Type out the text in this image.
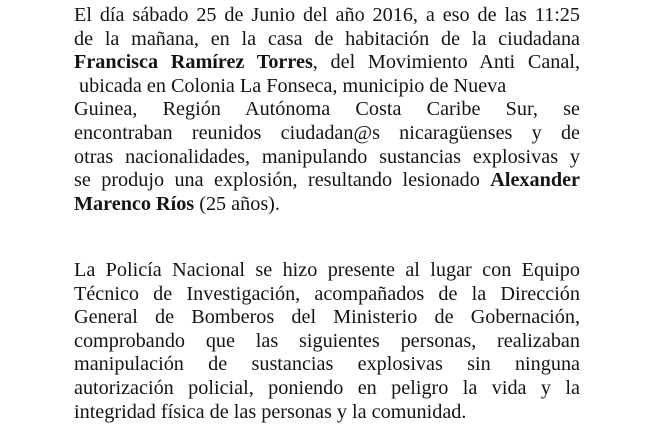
El día sábado 25 de Junio del año 2016, a eso de las 11:25
de la mañana, en la casa de habitación de la ciudadana
Francisca Ramírez Torres, del Movimiento Anti Canal,
ubicada en Colonia La Fonseca, municipio de Nueva
Guinea, Región Autónoma Costa Caribe Sur, se
encontraban reunidos ciudadan@s nicaragüenses y de
otras nacionalidades, manipulando sustancias explosivas y
se produjo una explosión, resultando lesionado Alexander
Marenco Ríos (25 años).
La Policía Nacional se hizo presente al lugar con Equipo
Técnico de Investigación, acompañados de la Dirección
General de Bomberos del Ministerio de Gobernación,
comprobando que las siguientes personas, realizaban
manipulación de sustancias explosivas sin ninguna
autorización policial, poniendo en peligro la vida y la
integridad física de las personas y la comunidad.
